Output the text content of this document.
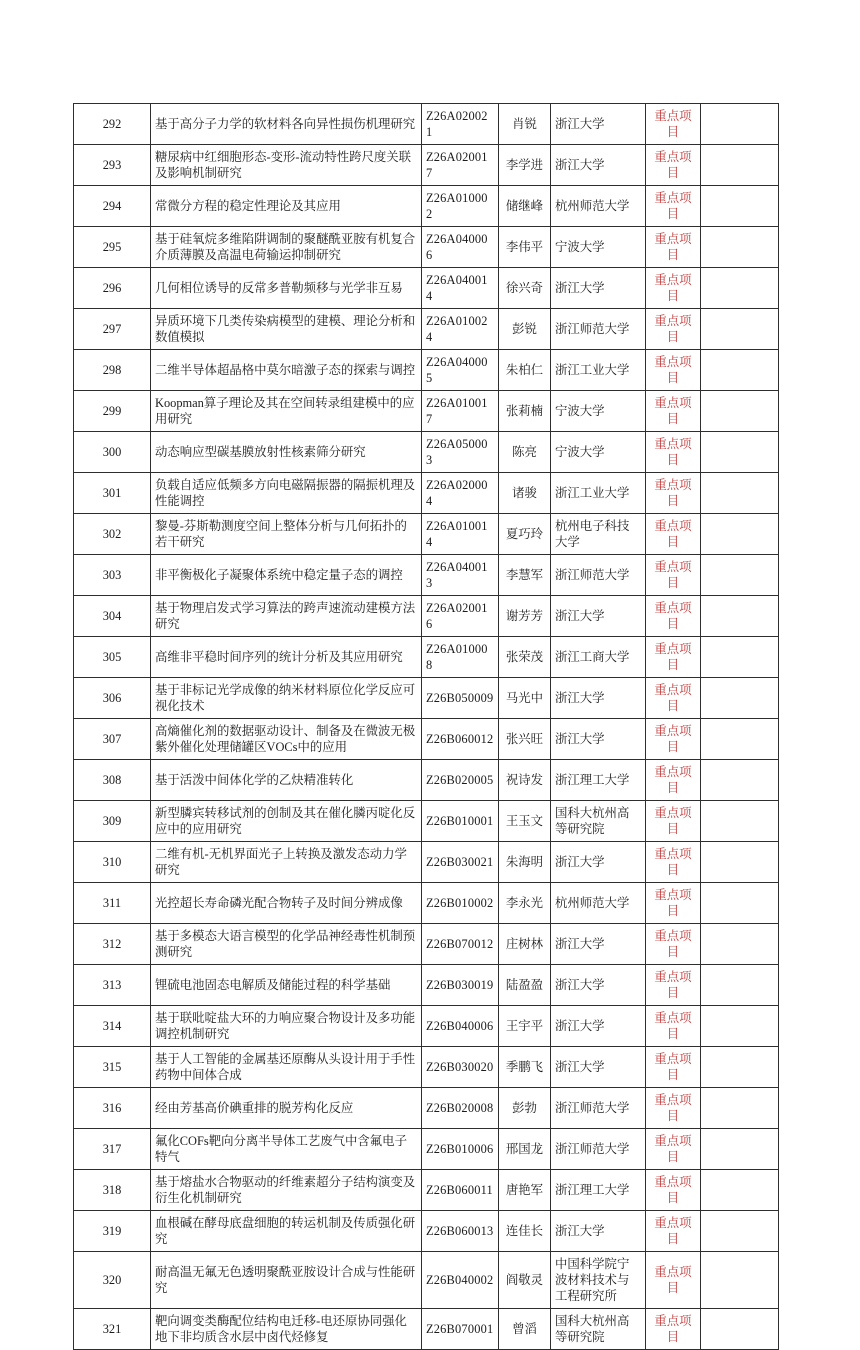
292	基于高分子力学的软材料各向异性损伤机理研究	Z26A020021	肖锐	浙江大学	重点项目	
293	糖尿病中红细胞形态-变形-流动特性跨尺度关联及影响机制研究	Z26A020017	李学进	浙江大学	重点项目	
294	常微分方程的稳定性理论及其应用	Z26A010002	储继峰	杭州师范大学	重点项目	
295	基于硅氧烷多维陷阱调制的聚醚酰亚胺有机复合介质薄膜及高温电荷输运抑制研究	Z26A040006	李伟平	宁波大学	重点项目	
296	几何相位诱导的反常多普勒频移与光学非互易	Z26A040014	徐兴奇	浙江大学	重点项目	
297	异质环境下几类传染病模型的建模、理论分析和数值模拟	Z26A010024	彭锐	浙江师范大学	重点项目	
298	二维半导体超晶格中莫尔暗激子态的探索与调控	Z26A040005	朱柏仁	浙江工业大学	重点项目	
299	Koopman算子理论及其在空间转录组建模中的应用研究	Z26A010017	张莉楠	宁波大学	重点项目	
300	动态响应型碳基膜放射性核素筛分研究	Z26A050003	陈亮	宁波大学	重点项目	
301	负载自适应低频多方向电磁隔振器的隔振机理及性能调控	Z26A020004	诸骏	浙江工业大学	重点项目	
302	黎曼-芬斯勒测度空间上整体分析与几何拓扑的若干研究	Z26A010014	夏巧玲	杭州电子科技大学	重点项目	
303	非平衡极化子凝聚体系统中稳定量子态的调控	Z26A040013	李慧军	浙江师范大学	重点项目	
304	基于物理启发式学习算法的跨声速流动建模方法研究	Z26A020016	谢芳芳	浙江大学	重点项目	
305	高维非平稳时间序列的统计分析及其应用研究	Z26A010008	张荣茂	浙江工商大学	重点项目	
306	基于非标记光学成像的纳米材料原位化学反应可视化技术	Z26B050009	马光中	浙江大学	重点项目	
307	高熵催化剂的数据驱动设计、制备及在微波无极紫外催化处理储罐区VOCs中的应用	Z26B060012	张兴旺	浙江大学	重点项目	
308	基于活泼中间体化学的乙炔精准转化	Z26B020005	祝诗发	浙江理工大学	重点项目	
309	新型膦宾转移试剂的创制及其在催化膦丙啶化反应中的应用研究	Z26B010001	王玉文	国科大杭州高等研究院	重点项目	
310	二维有机-无机界面光子上转换及激发态动力学研究	Z26B030021	朱海明	浙江大学	重点项目	
311	光控超长寿命磷光配合物转子及时间分辨成像	Z26B010002	李永光	杭州师范大学	重点项目	
312	基于多模态大语言模型的化学品神经毒性机制预测研究	Z26B070012	庄树林	浙江大学	重点项目	
313	锂硫电池固态电解质及储能过程的科学基础	Z26B030019	陆盈盈	浙江大学	重点项目	
314	基于联吡啶盐大环的力响应聚合物设计及多功能调控机制研究	Z26B040006	王宇平	浙江大学	重点项目	
315	基于人工智能的金属基还原酶从头设计用于手性药物中间体合成	Z26B030020	季鹏飞	浙江大学	重点项目	
316	经由芳基高价碘重排的脱芳构化反应	Z26B020008	彭勃	浙江师范大学	重点项目	
317	氟化COFs靶向分离半导体工艺废气中含氟电子特气	Z26B010006	邢国龙	浙江师范大学	重点项目	
318	基于熔盐水合物驱动的纤维素超分子结构演变及衍生化机制研究	Z26B060011	唐艳军	浙江理工大学	重点项目	
319	血根碱在酵母底盘细胞的转运机制及传质强化研究	Z26B060013	连佳长	浙江大学	重点项目	
320	耐高温无氟无色透明聚酰亚胺设计合成与性能研究	Z26B040002	阎敬灵	中国科学院宁波材料技术与工程研究所	重点项目	
321	靶向调变类酶配位结构电迁移-电还原协同强化地下非均质含水层中卤代烃修复	Z26B070001	曾滔	国科大杭州高等研究院	重点项目	
